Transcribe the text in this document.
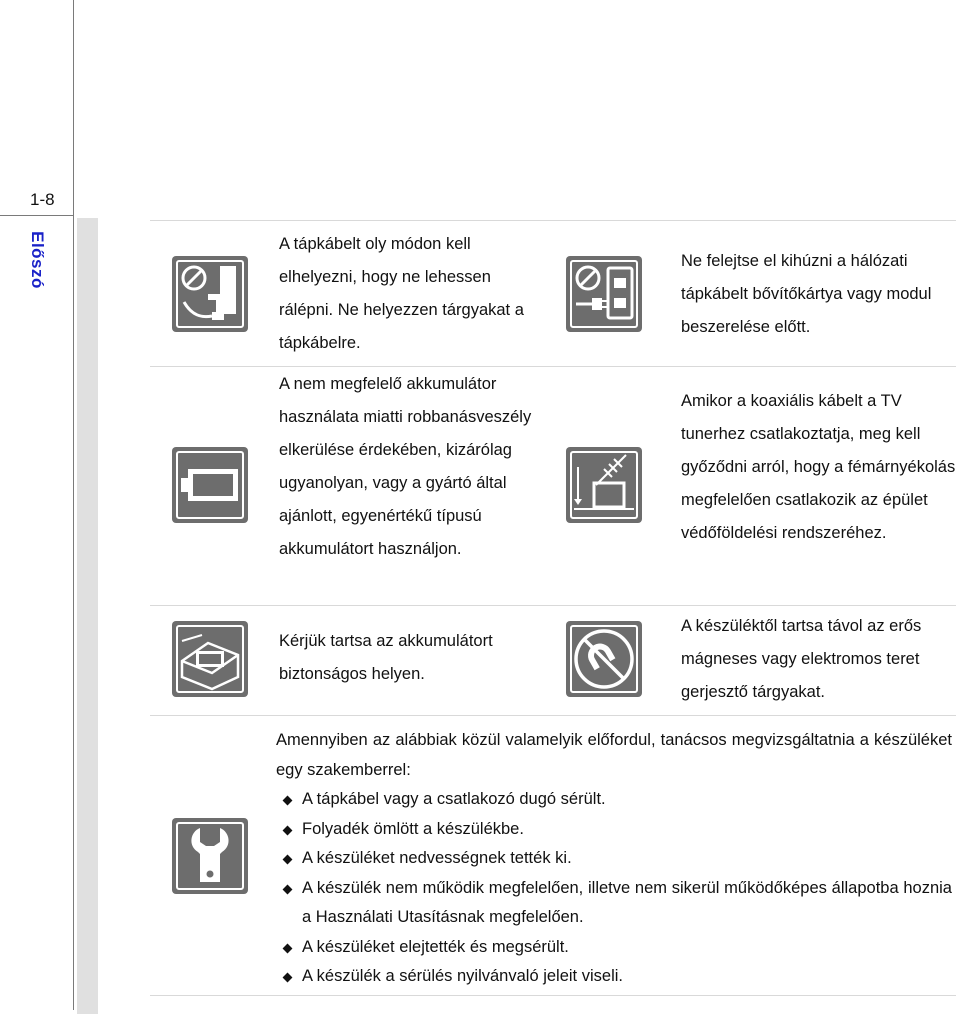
1-8
Előszó	A tápkábelt oly módon kell elhelyezni, hogy ne lehessen rálépni. Ne helyezzen tárgyakat a tápkábelre.
Ne felejtse el kihúzni a hálózati tápkábelt bővítőkártya vagy modul beszerelése előtt.
A nem megfelelő akkumulátor használata miatti robbanásveszély elkerülése érdekében, kizárólag ugyanolyan, vagy a gyártó által ajánlott, egyenértékű típusú akkumulátort használjon.
Amikor a koaxiális kábelt a TV tunerhez csatlakoztatja, meg kell győződni arról, hogy a fémárnyékolás megfelelően csatlakozik az épület védőföldelési rendszeréhez.
Kérjük tartsa az akkumulátort biztonságos helyen.
A készüléktől tartsa távol az erős mágneses vagy elektromos teret gerjesztő tárgyakat.
Amennyiben az alábbiak közül valamelyik előfordul, tanácsos megvizsgáltatnia a készüléket egy szakemberrel:
A tápkábel vagy a csatlakozó dugó sérült.
Folyadék ömlött a készülékbe.
A készüléket nedvességnek tették ki.
A készülék nem működik megfelelően, illetve nem sikerül működőképes állapotba hoznia a Használati Utasításnak megfelelően.
A készüléket elejtették és megsérült.
A készülék a sérülés nyilvánvaló jeleit viseli.
